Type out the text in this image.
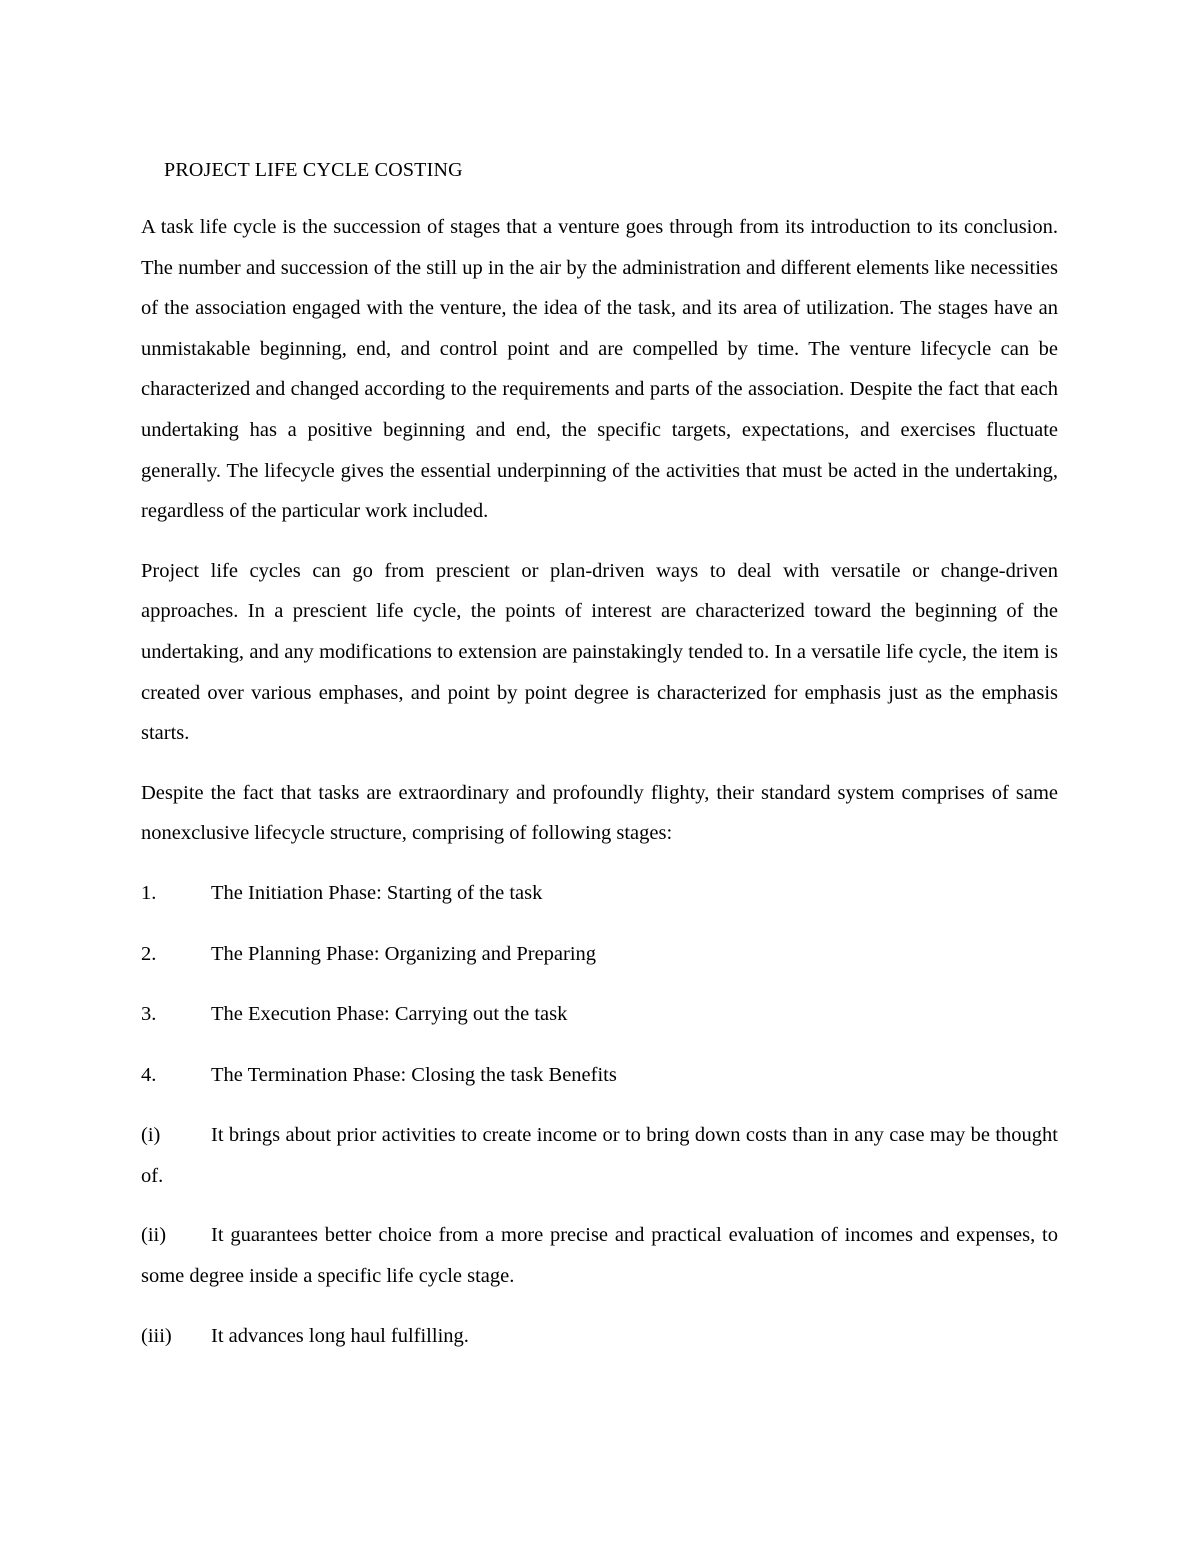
PROJECT LIFE CYCLE COSTING

A task life cycle is the succession of stages that a venture goes through from its introduction to its conclusion. The number and succession of the still up in the air by the administration and different elements like necessities of the association engaged with the venture, the idea of the task, and its area of utilization. The stages have an unmistakable beginning, end, and control point and are compelled by time. The venture lifecycle can be characterized and changed according to the requirements and parts of the association. Despite the fact that each undertaking has a positive beginning and end, the specific targets, expectations, and exercises fluctuate generally. The lifecycle gives the essential underpinning of the activities that must be acted in the undertaking, regardless of the particular work included.

Project life cycles can go from prescient or plan-driven ways to deal with versatile or change-driven approaches. In a prescient life cycle, the points of interest are characterized toward the beginning of the undertaking, and any modifications to extension are painstakingly tended to. In a versatile life cycle, the item is created over various emphases, and point by point degree is characterized for emphasis just as the emphasis starts.

Despite the fact that tasks are extraordinary and profoundly flighty, their standard system comprises of same nonexclusive lifecycle structure, comprising of following stages:

1.	The Initiation Phase: Starting of the task
2.	The Planning Phase: Organizing and Preparing
3.	The Execution Phase: Carrying out the task
4.	The Termination Phase: Closing the task Benefits

(i) It brings about prior activities to create income or to bring down costs than in any case may be thought of.

(ii) It guarantees better choice from a more precise and practical evaluation of incomes and expenses, to some degree inside a specific life cycle stage.

(iii) It advances long haul fulfilling.
